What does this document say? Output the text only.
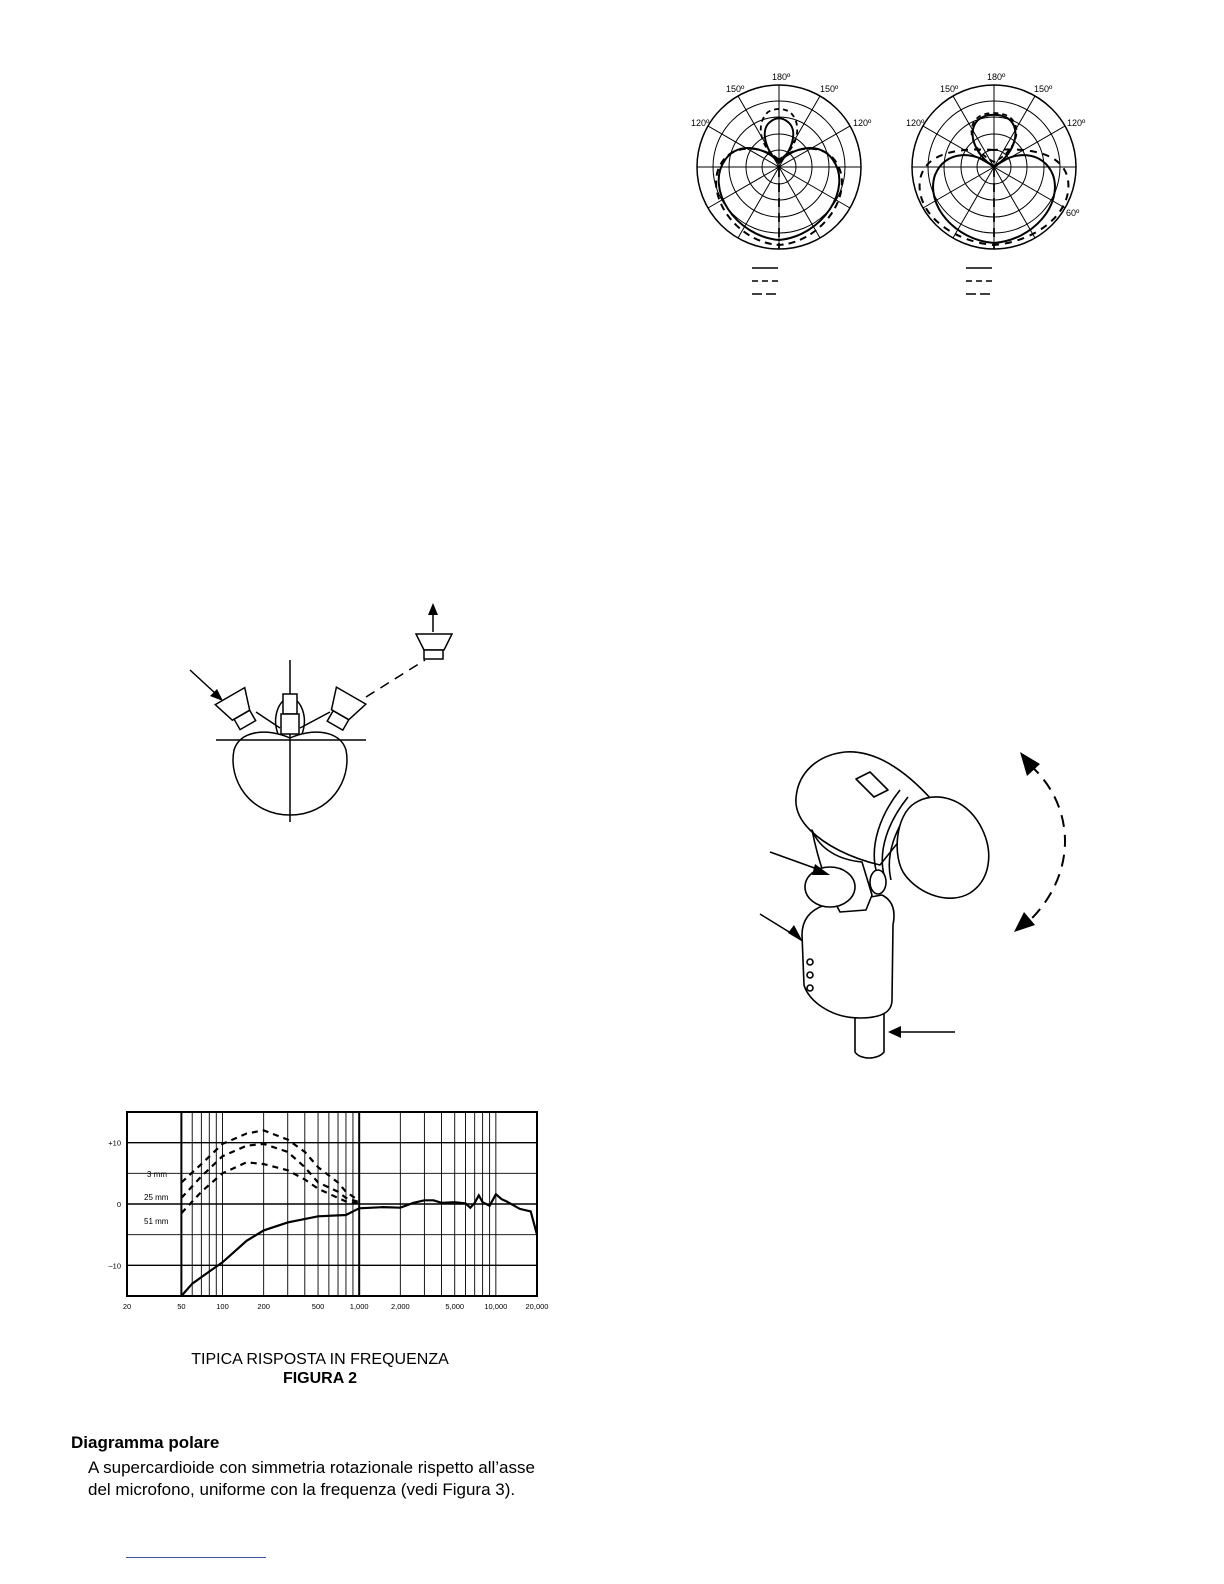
180º
150º	150º
120º	120º
180º
150º	150º
120º	120º
60º
20	50	100	200	500	1,000	2,000	5,000	10,000 20,000
+10
0
–10
3 mm
25 mm
51 mm
TIPICA RISPOSTA IN FREQUENZA
FIGURA 2
Diagramma polare

A supercardioide con simmetria rotazionale rispetto all’asse
del microfono, uniforme con la frequenza (vedi Figura 3).
